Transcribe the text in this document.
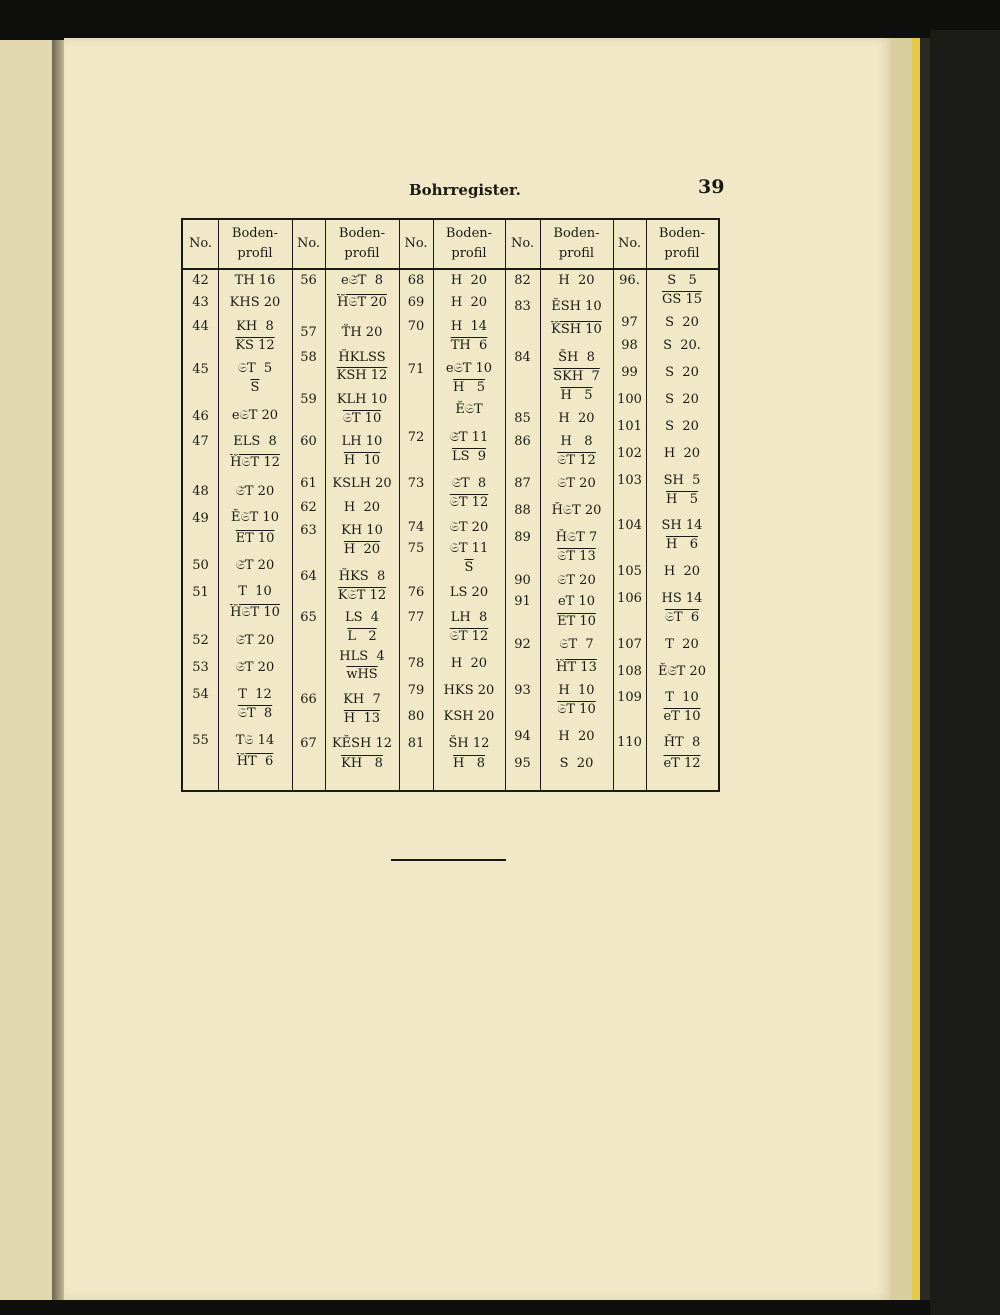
Bohrregister.	39
No.
Boden-
profil
42
43
44
45
46
47
48
49
50
51
52
53
54
55
TH 16
KHS 20
KH  8
KS 12
𝔖T  5
$\overline{S}$
e𝔖T 20
ELS  8
H̆𝔖T 12
𝔖̆T 20
Ĕ𝔖T 10
ET 10
𝔖̆T 20
T  10
H̆𝔖T 10
𝔖̆T 20
𝔖̆T 20
T  12
𝔖T  8
T𝔖 14
H̆T  6
No.
Boden-
profil
56
57
58
59
60
61
62
63
64
65
66
67
e𝔖̆T  8
H̆𝔖T 20
T̆H 20
H̆KLSS
KSH 12
KLH 10
𝔖T 10
LH 10
H  10
KSLH 20
H  20
KH 10
H  20
H̆KS  8
K𝔖T 12
LS  4
L   2
HLS  4
$\overline{wHS}$
KH  7
H  13
KĔSH 12
KH   8
No.
Boden-
profil
68
69
70
71
72
73
74
75
76
77
78
79
80
81
H  20
H  20
H  14
TH  6
e𝔖T 10
H   5
Ĕ𝔖T
𝔖̆T 11
LS  9
𝔖̆T  8
𝔖T 12
𝔖T 20
𝔖T 11
$\overline{S}$
LS 20
LH  8
𝔖T 12
H  20
HKS 20
KSH 20
S̆H 12
H   8
No.
Boden-
profil
82
83
84
85
86
87
88
89
90
91
92
93
94
95
H  20
ĔSH 10
K̆SH 10
S̆H  8
SKH  7
H   5
H  20
H   8
𝔖T 12
𝔖T 20
H̆𝔖T 20
H̆𝔖T 7
𝔖T 13
𝔖T 20
eT 10
ET 10
𝔖T  7
H̆T 13
H  10
𝔖T 10
H  20
S  20
No.
Boden-
profil
96.
97
98
99
100
101
102
103
104
105
106
107
108
109
110
S   5
GS 15
S  20
S  20.
S  20
S  20
S  20
H  20
SH  5
H   5
SH 14
H   6
H  20
HS 14
𝔖T  6
T  20
Ĕ𝔖̆T 20
T  10
eT 10
H̆T  8
eT 12
